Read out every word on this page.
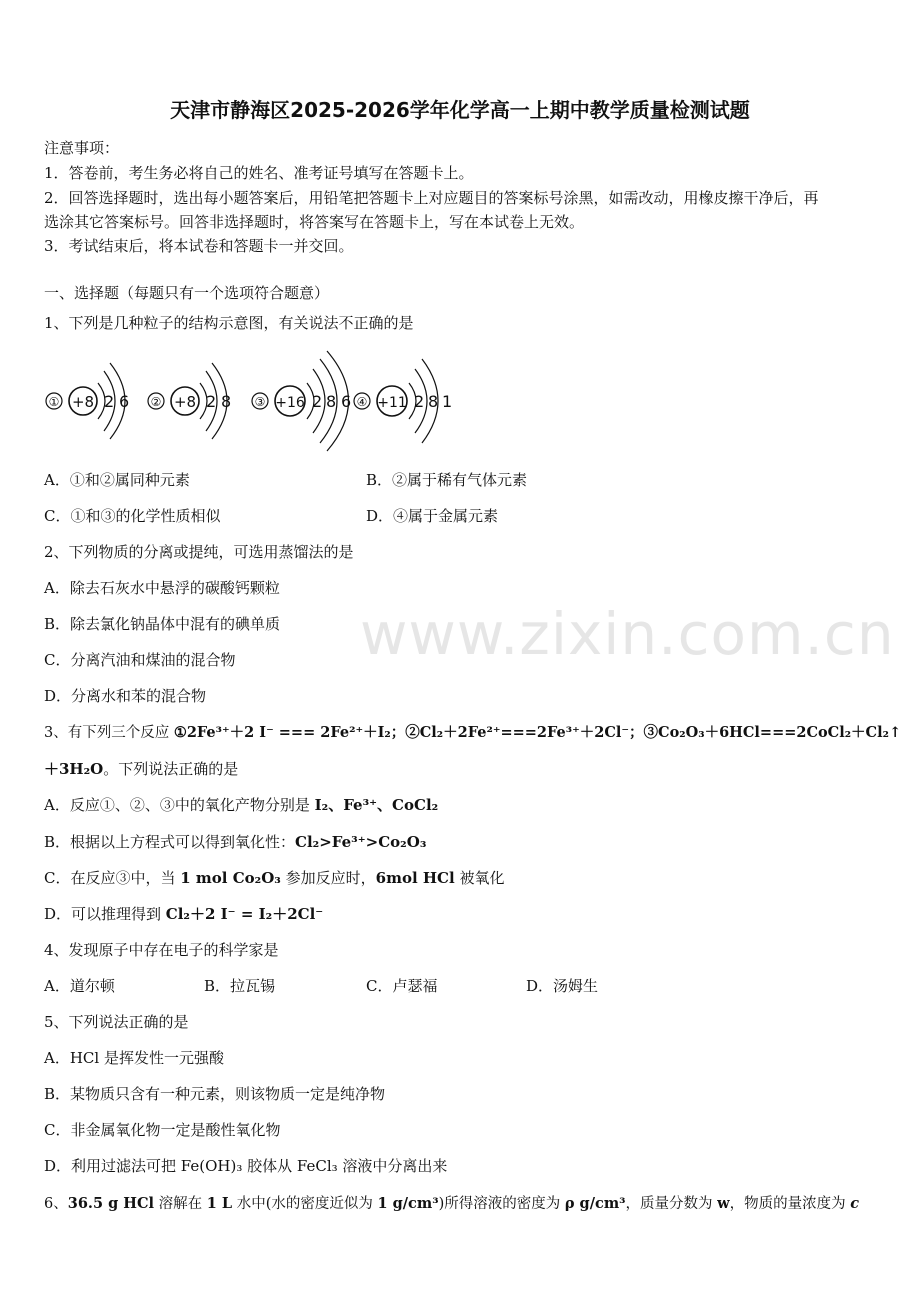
天津市静海区2025-2026学年化学高一上期中教学质量检测试题
注意事项：
1．答卷前，考生务必将自己的姓名、准考证号填写在答题卡上。
2．回答选择题时，选出每小题答案后，用铅笔把答题卡上对应题目的答案标号涂黑，如需改动，用橡皮擦干净后，再
选涂其它答案标号。回答非选择题时，将答案写在答题卡上，写在本试卷上无效。
3．考试结束后，将本试卷和答题卡一并交回。
一、选择题（每题只有一个选项符合题意）
1、下列是几种粒子的结构示意图，有关说法不正确的是
① +8 2 6 ② +8 2 8 ③ +16 2 8 6 ④ +11 2 8 1
A．①和②属同种元素	B．②属于稀有气体元素
C．①和③的化学性质相似	D．④属于金属元素
2、下列物质的分离或提纯，可选用蒸馏法的是
A．除去石灰水中悬浮的碳酸钙颗粒
B．除去氯化钠晶体中混有的碘单质
C．分离汽油和煤油的混合物
D．分离水和苯的混合物
www.zixin.com.cn
3、有下列三个反应 ①2Fe³⁺＋2 I⁻ === 2Fe²⁺＋I₂；②Cl₂＋2Fe²⁺===2Fe³⁺＋2Cl⁻；③Co₂O₃＋6HCl===2CoCl₂＋Cl₂↑
＋3H₂O。下列说法正确的是
A．反应①、②、③中的氧化产物分别是 I₂、Fe³⁺、CoCl₂
B．根据以上方程式可以得到氧化性：Cl₂>Fe³⁺>Co₂O₃
C．在反应③中，当 1 mol Co₂O₃ 参加反应时，6mol HCl 被氧化
D．可以推理得到 Cl₂＋2 I⁻ = I₂＋2Cl⁻
4、发现原子中存在电子的科学家是
A．道尔顿	B．拉瓦锡	C．卢瑟福	D．汤姆生
5、下列说法正确的是
A．HCl 是挥发性一元强酸
B．某物质只含有一种元素，则该物质一定是纯净物
C．非金属氧化物一定是酸性氧化物
D．利用过滤法可把 Fe(OH)₃ 胶体从 FeCl₃ 溶液中分离出来
6、36.5 g HCl 溶解在 1 L 水中(水的密度近似为 1 g/cm³)所得溶液的密度为 ρ g/cm³，质量分数为 w，物质的量浓度为 c
